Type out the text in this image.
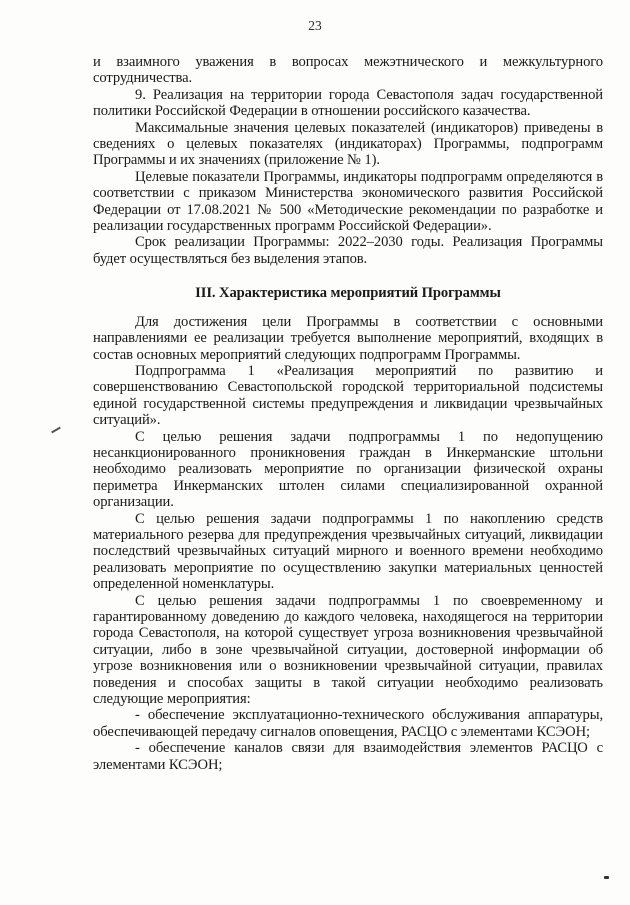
23

и взаимного уважения в вопросах межэтнического и межкультурного сотрудничества.

9. Реализация на территории города Севастополя задач государственной политики Российской Федерации в отношении российского казачества.

Максимальные значения целевых показателей (индикаторов) приведены в сведениях о целевых показателях (индикаторах) Программы, подпрограмм Программы и их значениях (приложение № 1).

Целевые показатели Программы, индикаторы подпрограмм определяются в соответствии с приказом Министерства экономического развития Российской Федерации от 17.08.2021 № 500 «Методические рекомендации по разработке и реализации государственных программ Российской Федерации».

Срок реализации Программы: 2022–2030 годы. Реализация Программы будет осуществляться без выделения этапов.

III. Характеристика мероприятий Программы

Для достижения цели Программы в соответствии с основными направлениями ее реализации требуется выполнение мероприятий, входящих в состав основных мероприятий следующих подпрограмм Программы.

Подпрограмма 1 «Реализация мероприятий по развитию и совершенствованию Севастопольской городской территориальной подсистемы единой государственной системы предупреждения и ликвидации чрезвычайных ситуаций».

С целью решения задачи подпрограммы 1 по недопущению несанкционированного проникновения граждан в Инкерманские штольни необходимо реализовать мероприятие по организации физической охраны периметра Инкерманских штолен силами специализированной охранной организации.

С целью решения задачи подпрограммы 1 по накоплению средств материального резерва для предупреждения чрезвычайных ситуаций, ликвидации последствий чрезвычайных ситуаций мирного и военного времени необходимо реализовать мероприятие по осуществлению закупки материальных ценностей определенной номенклатуры.

С целью решения задачи подпрограммы 1 по своевременному и гарантированному доведению до каждого человека, находящегося на территории города Севастополя, на которой существует угроза возникновения чрезвычайной ситуации, либо в зоне чрезвычайной ситуации, достоверной информации об угрозе возникновения или о возникновении чрезвычайной ситуации, правилах поведения и способах защиты в такой ситуации необходимо реализовать следующие мероприятия:

- обеспечение эксплуатационно-технического обслуживания аппаратуры, обеспечивающей передачу сигналов оповещения, РАСЦО с элементами КСЭОН;

- обеспечение каналов связи для взаимодействия элементов РАСЦО с элементами КСЭОН;
